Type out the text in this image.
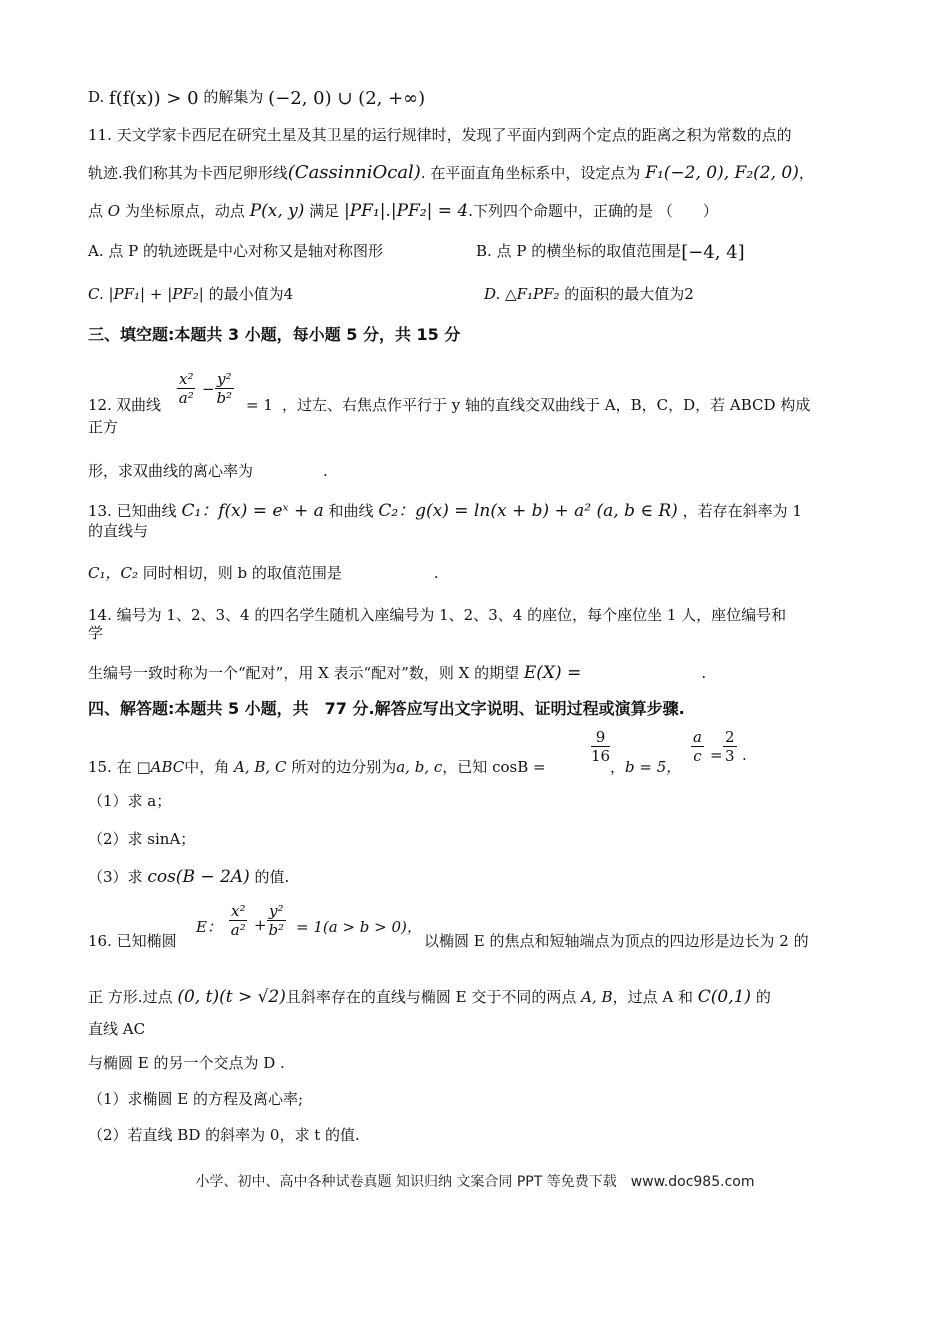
D. f(f(x)) > 0 的解集为 (−2, 0) ∪ (2, +∞)
11. 天文学家卡西尼在研究土星及其卫星的运行规律时，发现了平面内到两个定点的距离之积为常数的点的
轨迹.我们称其为卡西尼卵形线(CassinniOcal). 在平面直角坐标系中，设定点为 F₁(−2, 0), F₂(2, 0)，
点 O 为坐标原点，动点 P(x, y) 满足 |PF₁|.|PF₂| = 4.下列四个命题中，正确的是 （　　）
A. 点 P 的轨迹既是中心对称又是轴对称图形	B. 点 P 的横坐标的取值范围是[−4, 4]
C. |PF₁| + |PF₂| 的最小值为4	D. △F₁PF₂ 的面积的最大值为2
三、填空题:本题共 3 小题，每小题 5 分，共 15 分
12. 双曲线 $\frac{\text{x²}}{\text{a²}} - \frac{\text{y²}}{\text{b²}} = 1$ ，过左、右焦点作平行于 y 轴的直线交双曲线于 A，B，C，D，若 ABCD 构成
正方
形，求双曲线的离心率为	.
13. 已知曲线 C₁：f(x) = eˣ + a 和曲线 C₂：g(x) = ln(x + b) + a² (a, b ∈ R) ，若存在斜率为 1
的直线与
C₁，C₂ 同时相切，则 b 的取值范围是	.
14. 编号为 1、2、3、4 的四名学生随机入座编号为 1、2、3、4 的座位，每个座位坐 1 人，座位编号和
学
生编号一致时称为一个“配对”，用 X 表示“配对”数，则 X 的期望 E(X) =	.
四、解答题:本题共 5 小题，共　77 分.解答应写出文字说明、证明过程或演算步骤.
15. 在 □ABC中，角 A, B, C 所对的边分别为a, b, c，已知 cosB =
$\frac{9}{16}$
，b = 5，
$\frac{a}{c} = \frac{2}{3}$ .
（1）求 a；
（2）求 sinA；
（3）求 cos(B − 2A) 的值.
16. 已知椭圆
E： $\frac{\text{x²}}{\text{a²}} + \frac{\text{y²}}{\text{b²}} = 1(a > b > 0)$，
以椭圆 E 的焦点和短轴端点为顶点的四边形是边长为 2 的
正 方形.过点 (0, t)(t > √2)且斜率存在的直线与椭圆 E 交于不同的两点 A, B，过点 A 和 C(0,1) 的
直线 AC
与椭圆 E 的另一个交点为 D .
（1）求椭圆 E 的方程及离心率;
（2）若直线 BD 的斜率为 0，求 t 的值.
小学、初中、高中各种试卷真题 知识归纳 文案合同 PPT 等免费下载　www.doc985.com
